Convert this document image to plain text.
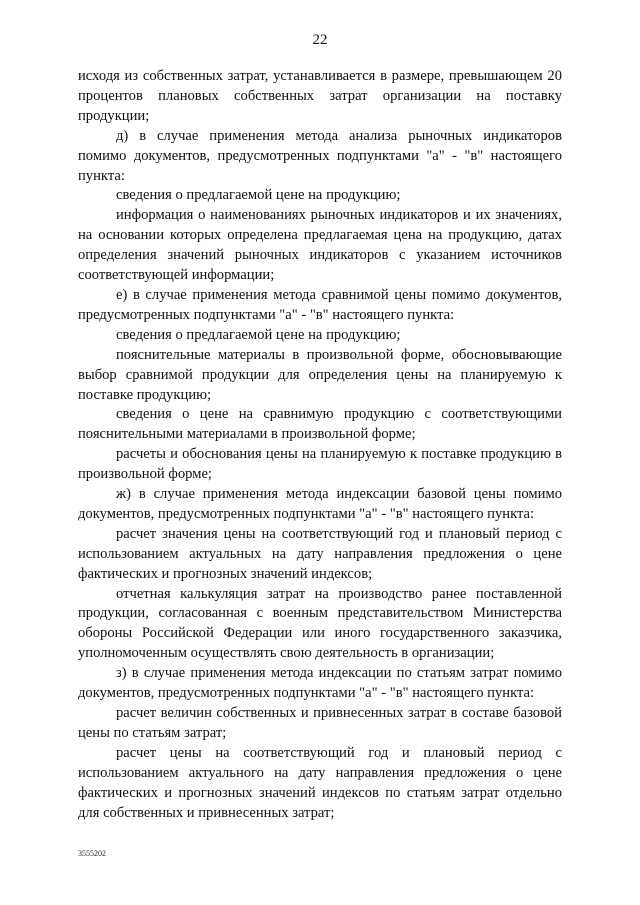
22

исходя из собственных затрат, устанавливается в размере, превышающем 20 процентов плановых собственных затрат организации на поставку продукции;

д) в случае применения метода анализа рыночных индикаторов помимо документов, предусмотренных подпунктами "а" - "в" настоящего пункта:

сведения о предлагаемой цене на продукцию;

информация о наименованиях рыночных индикаторов и их значениях, на основании которых определена предлагаемая цена на продукцию, датах определения значений рыночных индикаторов с указанием источников соответствующей информации;

е) в случае применения метода сравнимой цены помимо документов, предусмотренных подпунктами "а" - "в" настоящего пункта:

сведения о предлагаемой цене на продукцию;

пояснительные материалы в произвольной форме, обосновывающие выбор сравнимой продукции для определения цены на планируемую к поставке продукцию;

сведения о цене на сравнимую продукцию с соответствующими пояснительными материалами в произвольной форме;

расчеты и обоснования цены на планируемую к поставке продукцию в произвольной форме;

ж) в случае применения метода индексации базовой цены помимо документов, предусмотренных подпунктами "а" - "в" настоящего пункта:

расчет значения цены на соответствующий год и плановый период с использованием актуальных на дату направления предложения о цене фактических и прогнозных значений индексов;

отчетная калькуляция затрат на производство ранее поставленной продукции, согласованная с военным представительством Министерства обороны Российской Федерации или иного государственного заказчика, уполномоченным осуществлять свою деятельность в организации;

з) в случае применения метода индексации по статьям затрат помимо документов, предусмотренных подпунктами "а" - "в" настоящего пункта:

расчет величин собственных и привнесенных затрат в составе базовой цены по статьям затрат;

расчет цены на соответствующий год и плановый период с использованием актуального на дату направления предложения о цене фактических и прогнозных значений индексов по статьям затрат отдельно для собственных и привнесенных затрат;

3555202
